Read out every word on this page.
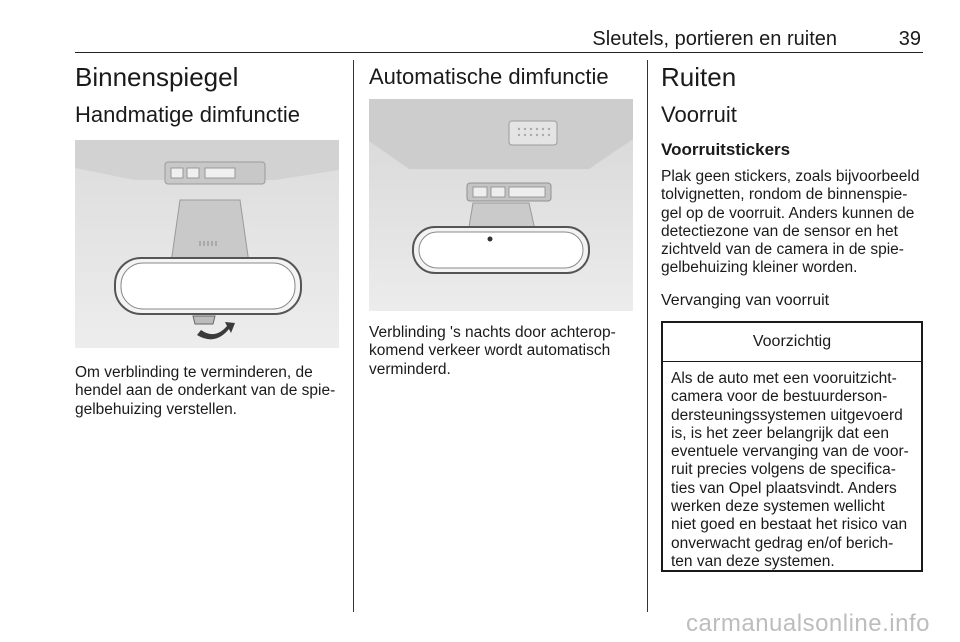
Sleutels, portieren en ruiten	39
Binnenspiegel
Handmatige dimfunctie

Om verblinding te verminderen, de hendel aan de onderkant van de spie-gelbehuizing verstellen.

Automatische dimfunctie

Verblinding 's nachts door achterop-komend verkeer wordt automatisch verminderd.

Ruiten
Voorruit
Voorruitstickers

Plak geen stickers, zoals bijvoorbeeld tolvignetten, rondom de binnenspie-gel op de voorruit. Anders kunnen de detectiezone van de sensor en het zichtveld van de camera in de spie-gelbehuizing kleiner worden.

Vervanging van voorruit
Voorzichtig

Als de auto met een vooruitzicht-camera voor de bestuurderson-dersteuningssystemen uitgevoerd is, is het zeer belangrijk dat een eventuele vervanging van de voor-ruit precies volgens de specifica-ties van Opel plaatsvindt. Anders werken deze systemen wellicht niet goed en bestaat het risico van onverwacht gedrag en/of berich-ten van deze systemen.

carmanualsonline.info
